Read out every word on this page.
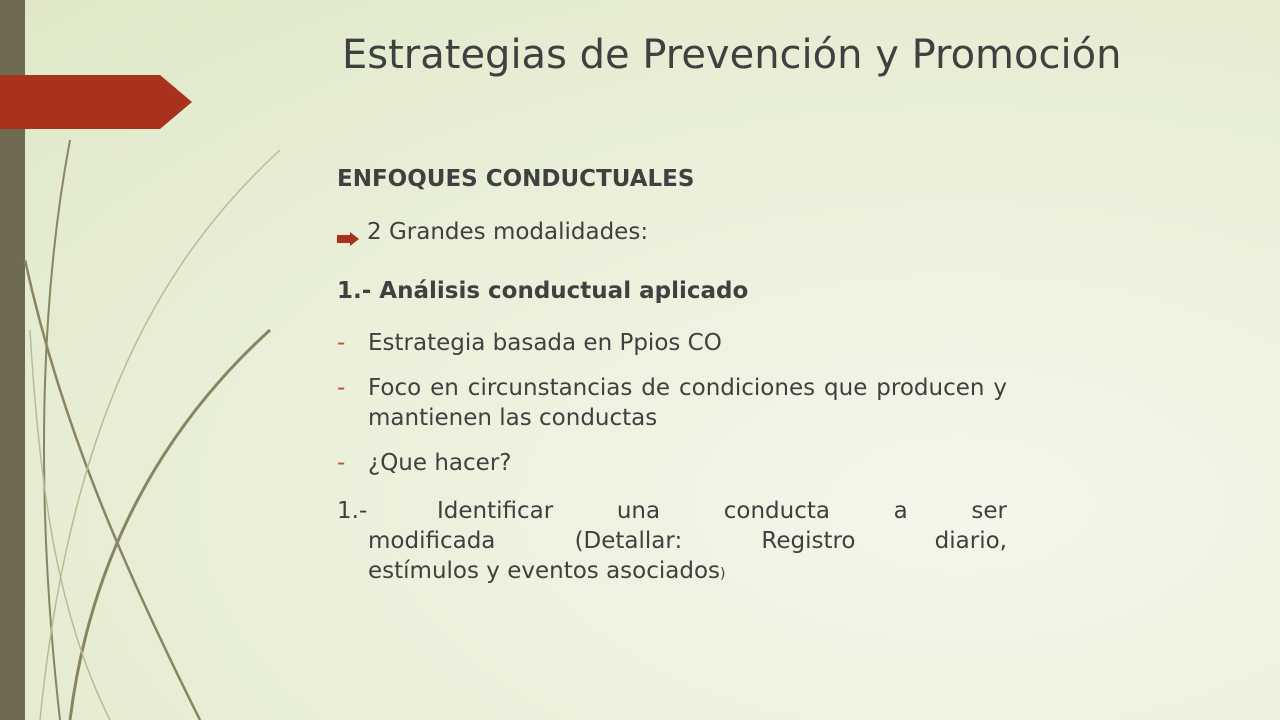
Estrategias de Prevención y Promoción
ENFOQUES CONDUCTUALES
2 Grandes modalidades:
1.- Análisis conductual aplicado
- Estrategia basada en Ppios CO
- Foco en circunstancias de condiciones que producen y mantienen las conductas
- ¿Que hacer?
1.-	Identificar	una	conducta	a	ser
modificada (Detallar: Registro diario,
estímulos y eventos asociados)
